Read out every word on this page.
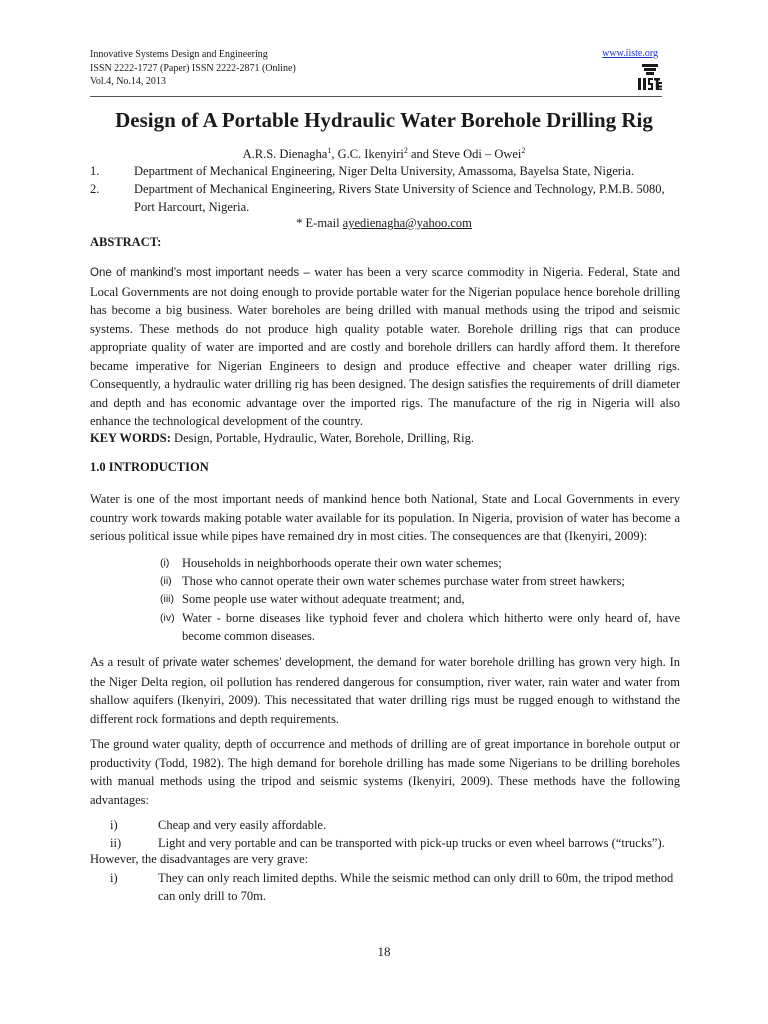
Innovative Systems Design and Engineering
ISSN 2222-1727 (Paper) ISSN 2222-2871 (Online)
Vol.4, No.14, 2013
www.iiste.org
Design of A Portable Hydraulic Water Borehole Drilling Rig
A.R.S. Dienagha$^1$, G.C. Ikenyiri$^2$ and Steve Odi – Owei$^2$
1.	Department of Mechanical Engineering, Niger Delta University, Amassoma, Bayelsa State, Nigeria.
2.	Department of Mechanical Engineering, Rivers State University of Science and Technology, P.M.B. 5080, Port Harcourt, Nigeria.
* E-mail ayedienagha@yahoo.com
ABSTRACT:

One of mankind’s most important needs – water has been a very scarce commodity in Nigeria. Federal, State and Local Governments are not doing enough to provide portable water for the Nigerian populace hence borehole drilling has become a big business. Water boreholes are being drilled with manual methods using the tripod and seismic systems. These methods do not produce high quality potable water. Borehole drilling rigs that can produce appropriate quality of water are imported and are costly and borehole drillers can hardly afford them. It therefore became imperative for Nigerian Engineers to design and produce effective and cheaper water drilling rigs. Consequently, a hydraulic water drilling rig has been designed. The design satisfies the requirements of drill diameter and depth and has economic advantage over the imported rigs. The manufacture of the rig in Nigeria will also enhance the technological development of the country.

KEY WORDS: Design, Portable, Hydraulic, Water, Borehole, Drilling, Rig.
1.0 INTRODUCTION

Water is one of the most important needs of mankind hence both National, State and Local Governments in every country work towards making potable water available for its population. In Nigeria, provision of water has become a serious political issue while pipes have remained dry in most cities. The consequences are that (Ikenyiri, 2009):

(i) Households in neighborhoods operate their own water schemes;
(ii) Those who cannot operate their own water schemes purchase water from street hawkers;
(iii) Some people use water without adequate treatment; and,
(iv) Water - borne diseases like typhoid fever and cholera which hitherto were only heard of, have become common diseases.

As a result of private water schemes’ development, the demand for water borehole drilling has grown very high. In the Niger Delta region, oil pollution has rendered dangerous for consumption, river water, rain water and water from shallow aquifers (Ikenyiri, 2009). This necessitated that water drilling rigs must be rugged enough to withstand the different rock formations and depth requirements.

The ground water quality, depth of occurrence and methods of drilling are of great importance in borehole output or productivity (Todd, 1982). The high demand for borehole drilling has made some Nigerians to be drilling boreholes with manual methods using the tripod and seismic systems (Ikenyiri, 2009). These methods have the following advantages:

i)	Cheap and very easily affordable.
ii)	Light and very portable and can be transported with pick-up trucks or even wheel barrows (“trucks”).
However, the disadvantages are very grave:
i)	They can only reach limited depths. While the seismic method can only drill to 60m, the tripod method can only drill to 70m.
18
